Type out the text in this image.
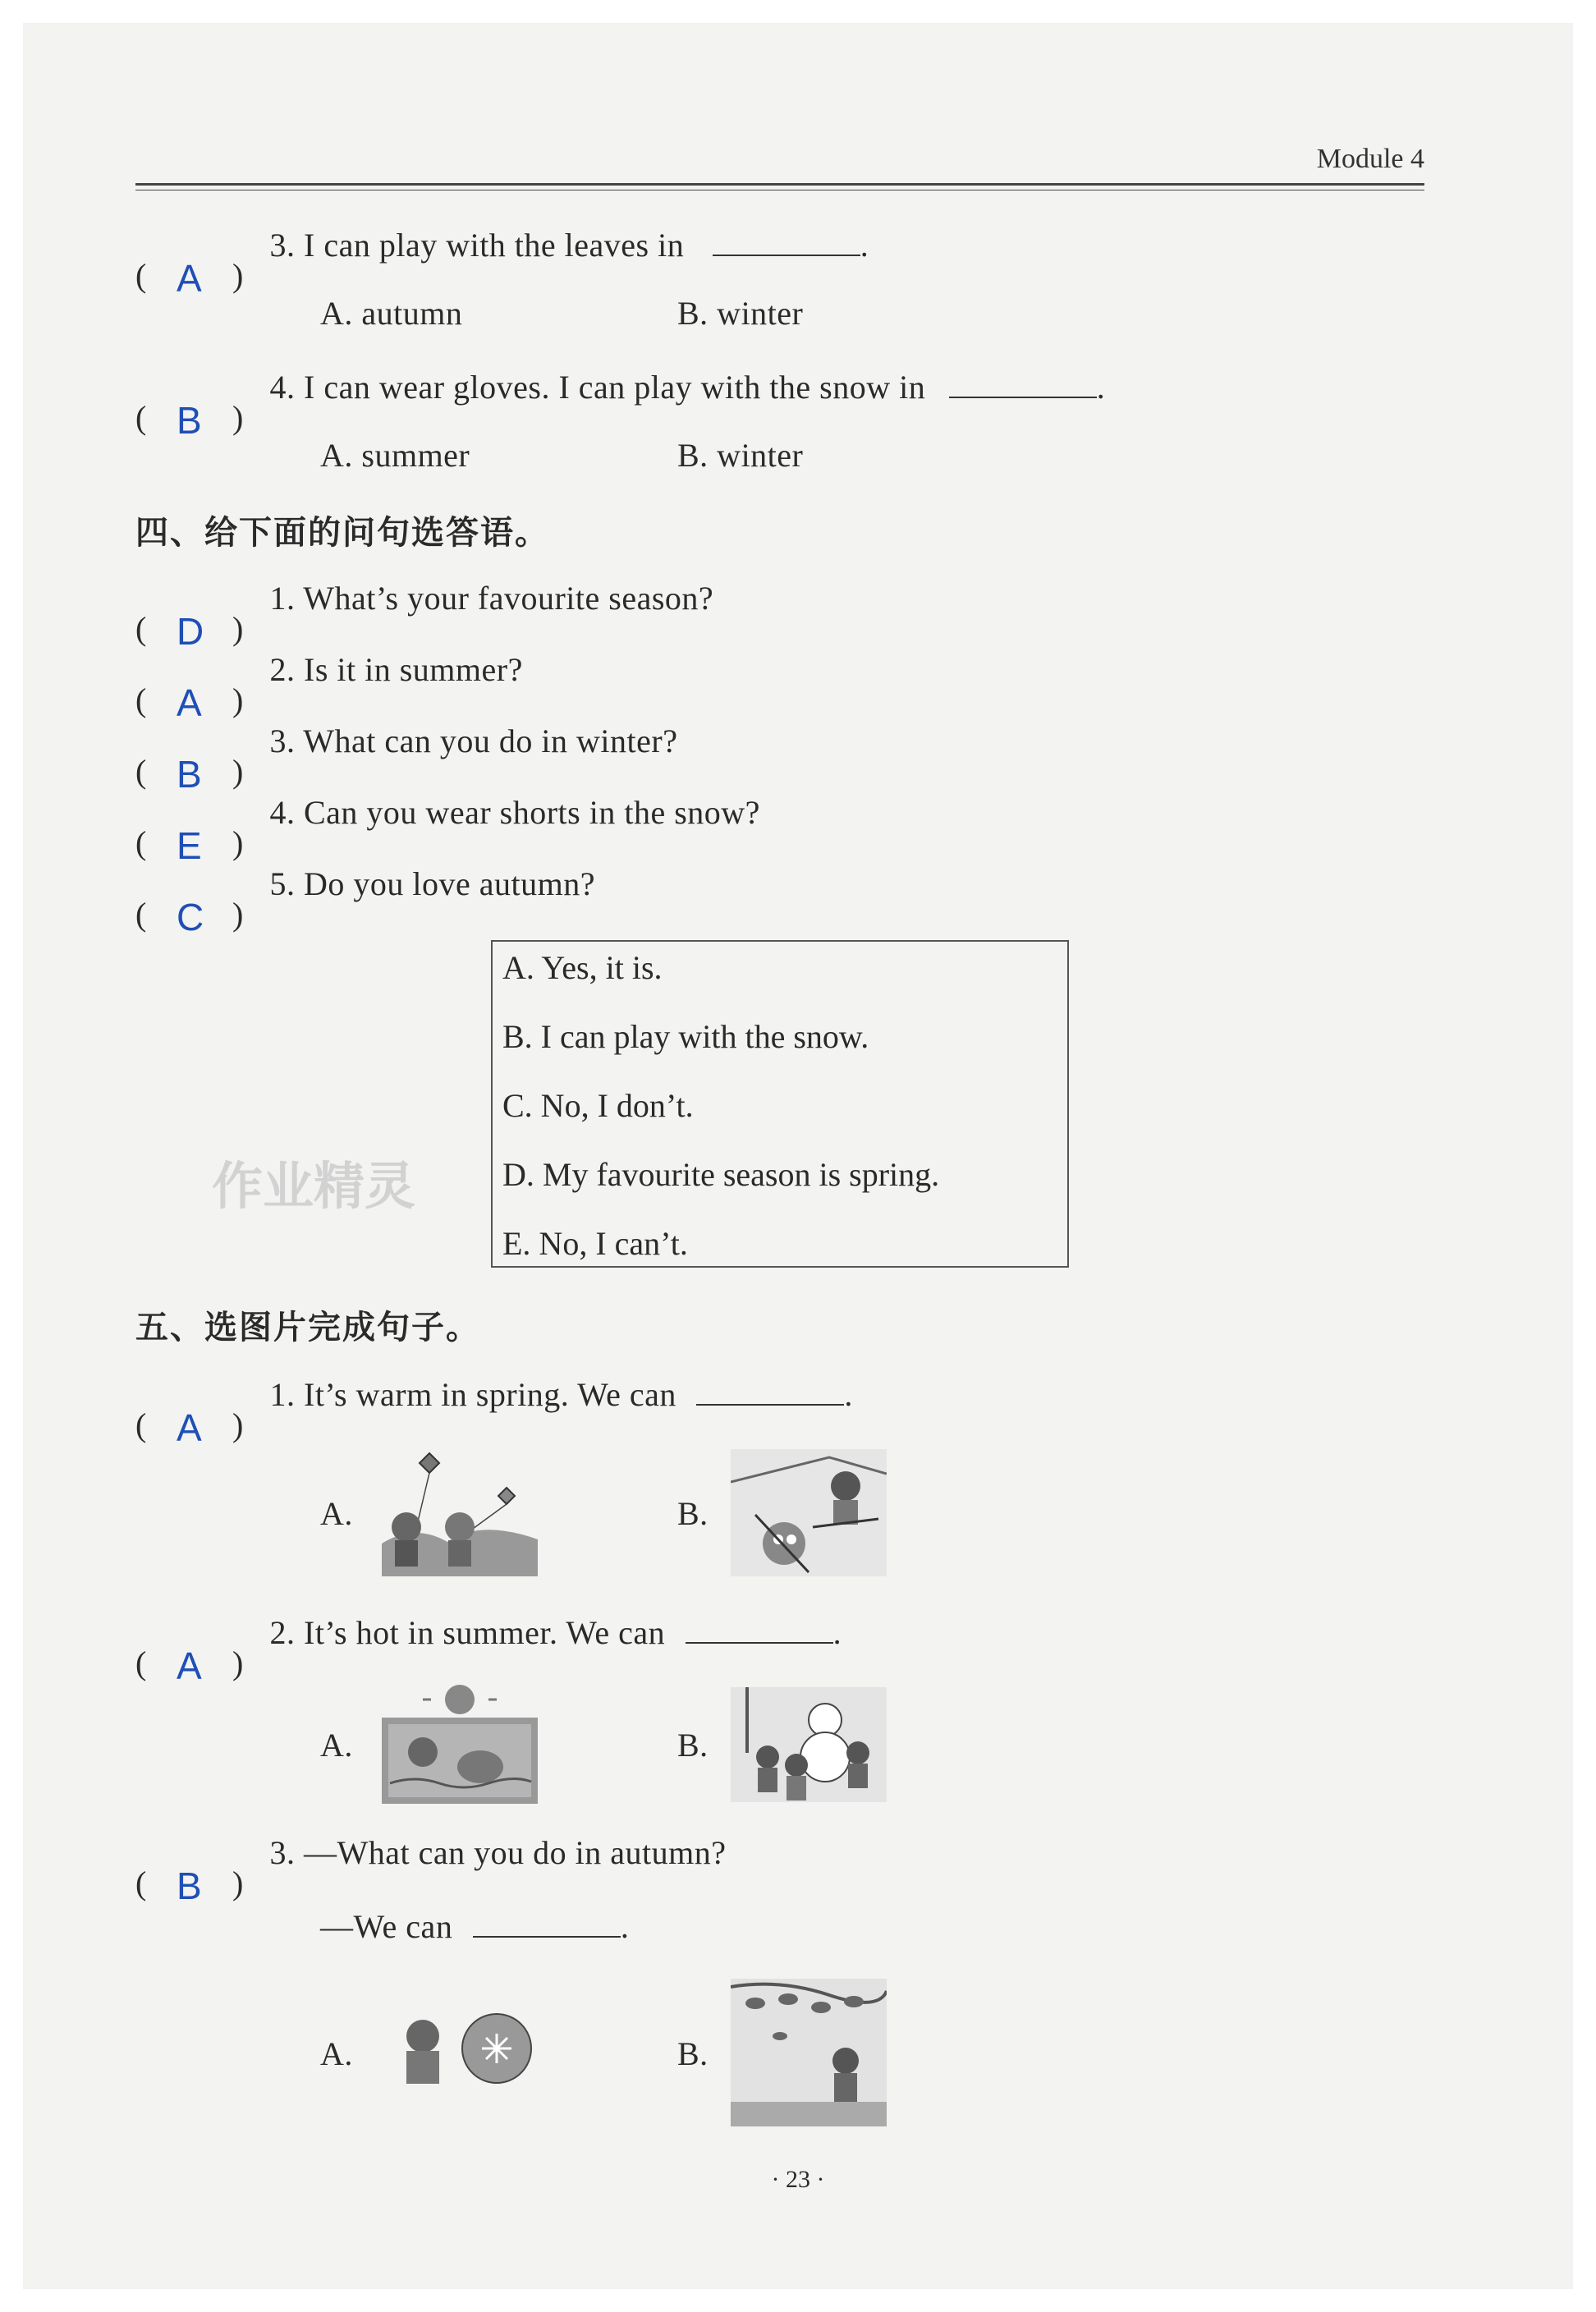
Module 4
( A )
3. I can play with the leaves in	.
A. autumn	B. winter
( B )
4. I can wear gloves. I can play with the snow in	.
A. summer	B. winter
四、给下面的问句选答语。
( D )
1. What’s your favourite season?
( A )
2. Is it in summer?
( B )
3. What can you do in winter?
( E )
4. Can you wear shorts in the snow?
( C )
5. Do you love autumn?
A. Yes, it is.
B. I can play with the snow.
C. No, I don’t.
D. My favourite season is spring.
E. No, I can’t.
作业精灵
五、选图片完成句子。
( A )
1. It’s warm in spring. We can	.
A.	B.
( A )
2. It’s hot in summer. We can	.
A.	B.
( B )
3. —What can you do in autumn?
—We can	.
A.	B.
· 23 ·
